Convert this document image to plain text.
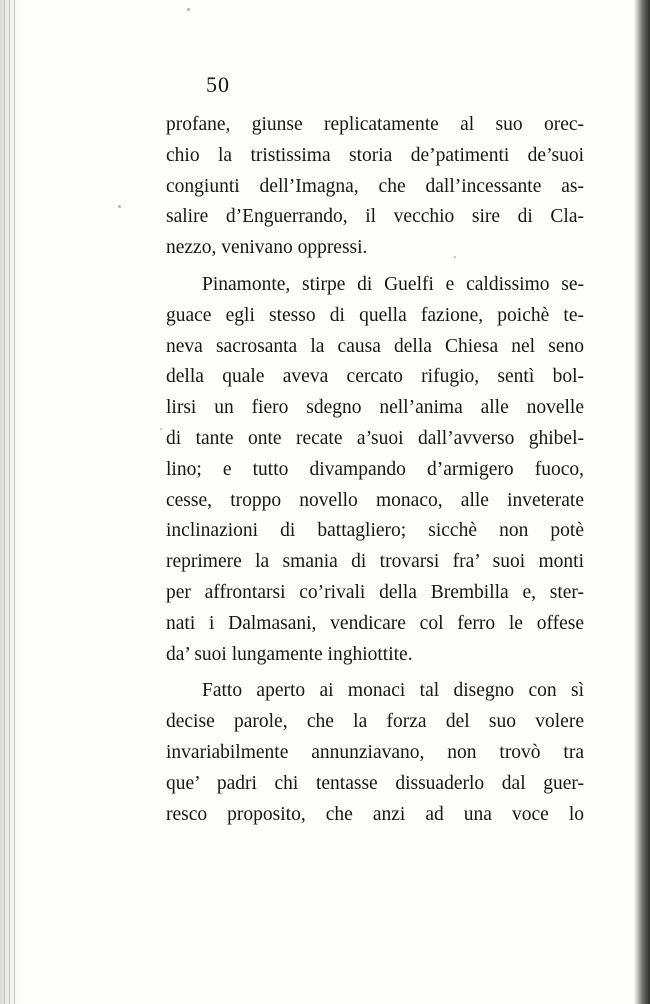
50
profane, giunse replicatamente al suo orec-
chio la tristissima storia de’patimenti de’suoi
congiunti dell’Imagna, che dall’incessante as-
salire d’Enguerrando, il vecchio sire di Cla-
nezzo, venivano oppressi.
Pinamonte, stirpe di Guelfi e caldissimo se-
guace egli stesso di quella fazione, poichè te-
neva sacrosanta la causa della Chiesa nel seno
della quale aveva cercato rifugio, sentì bol-
lirsi un fiero sdegno nell’anima alle novelle
di tante onte recate a’suoi dall’avverso ghibel-
lino; e tutto divampando d’armigero fuoco,
cesse, troppo novello monaco, alle inveterate
inclinazioni di battagliero; sicchè non potè
reprimere la smania di trovarsi fra’ suoi monti
per affrontarsi co’rivali della Brembilla e, ster-
nati i Dalmasani, vendicare col ferro le offese
da’ suoi lungamente inghiottite.
Fatto aperto ai monaci tal disegno con sì
decise parole, che la forza del suo volere
invariabilmente annunziavano, non trovò tra
que’ padri chi tentasse dissuaderlo dal guer-
resco proposito, che anzi ad una voce lo
